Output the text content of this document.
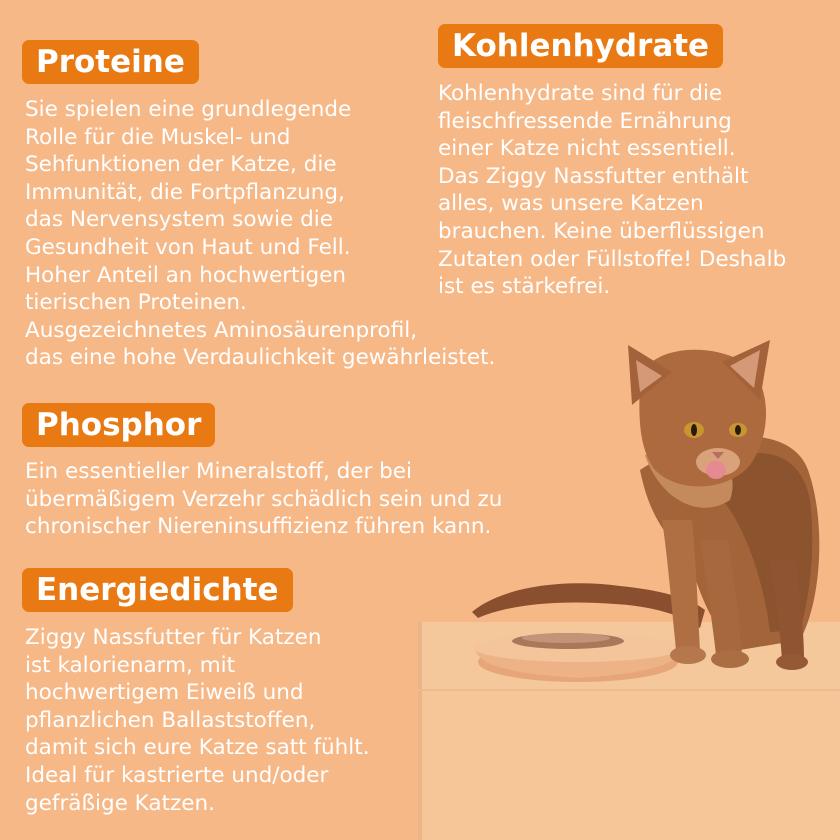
Proteine
Sie spielen eine grundlegende
Rolle für die Muskel- und
Sehfunktionen der Katze, die
Immunität, die Fortpflanzung,
das Nervensystem sowie die
Gesundheit von Haut und Fell.
Hoher Anteil an hochwertigen
tierischen Proteinen.
Ausgezeichnetes Aminosäurenprofil,
das eine hohe Verdaulichkeit gewährleistet.
Kohlenhydrate
Kohlenhydrate sind für die
fleischfressende Ernährung
einer Katze nicht essentiell.
Das Ziggy Nassfutter enthält
alles, was unsere Katzen
brauchen. Keine überflüssigen
Zutaten oder Füllstoffe! Deshalb
ist es stärkefrei.
Phosphor
Ein essentieller Mineralstoff, der bei
übermäßigem Verzehr schädlich sein und zu
chronischer Niereninsuffizienz führen kann.
Energiedichte
Ziggy Nassfutter für Katzen
ist kalorienarm, mit
hochwertigem Eiweiß und
pflanzlichen Ballaststoffen,
damit sich eure Katze satt fühlt.
Ideal für kastrierte und/oder
gefräßige Katzen.
